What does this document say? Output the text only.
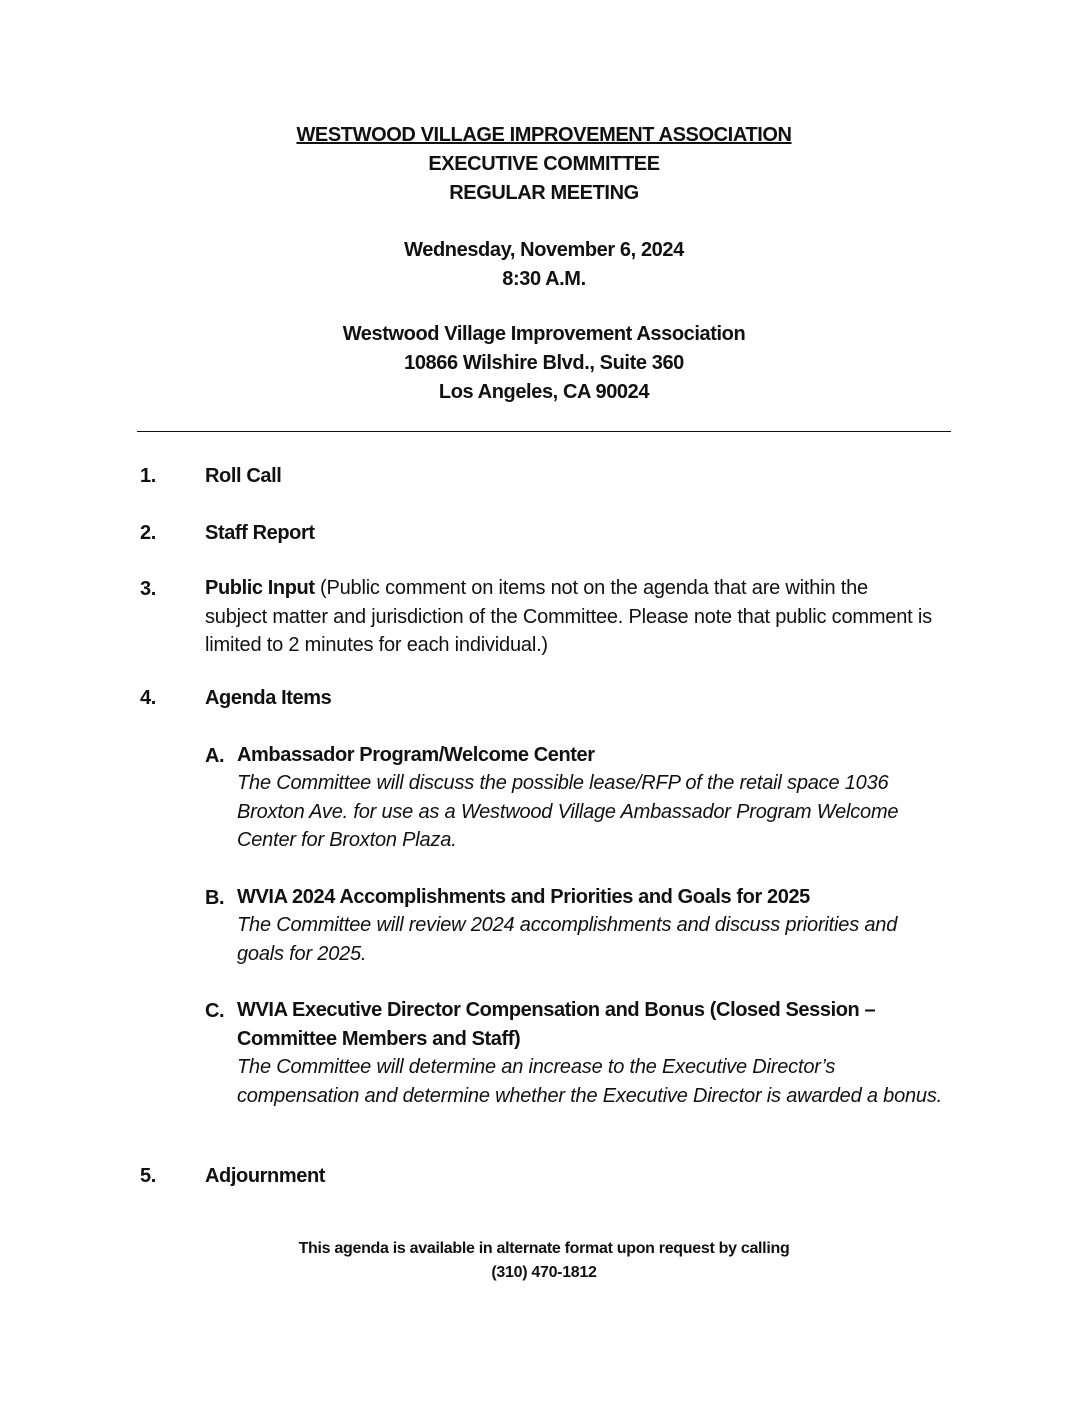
WESTWOOD VILLAGE IMPROVEMENT ASSOCIATION
EXECUTIVE COMMITTEE
REGULAR MEETING
Wednesday, November 6, 2024
8:30 A.M.
Westwood Village Improvement Association
10866 Wilshire Blvd., Suite 360
Los Angeles, CA 90024
1. Roll Call
2. Staff Report
3. Public Input (Public comment on items not on the agenda that are within the subject matter and jurisdiction of the Committee. Please note that public comment is limited to 2 minutes for each individual.)
4. Agenda Items
A. Ambassador Program/Welcome Center
The Committee will discuss the possible lease/RFP of the retail space 1036 Broxton Ave. for use as a Westwood Village Ambassador Program Welcome Center for Broxton Plaza.
B. WVIA 2024 Accomplishments and Priorities and Goals for 2025
The Committee will review 2024 accomplishments and discuss priorities and goals for 2025.
C. WVIA Executive Director Compensation and Bonus (Closed Session – Committee Members and Staff)
The Committee will determine an increase to the Executive Director’s compensation and determine whether the Executive Director is awarded a bonus.
5. Adjournment
This agenda is available in alternate format upon request by calling
(310) 470-1812
